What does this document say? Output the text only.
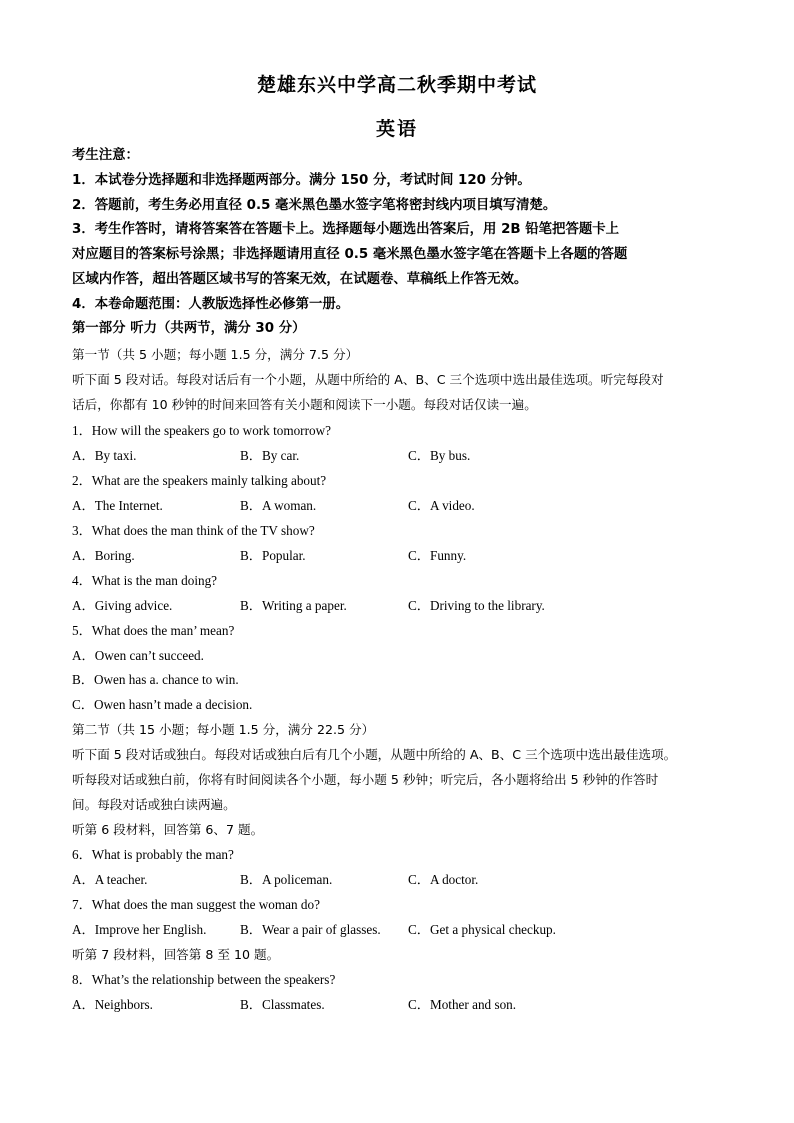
楚雄东兴中学高二秋季期中考试
英语
考生注意：
1．本试卷分选择题和非选择题两部分。满分 150 分，考试时间 120 分钟。
2．答题前，考生务必用直径 0.5 毫米黑色墨水签字笔将密封线内项目填写清楚。
3．考生作答时，请将答案答在答题卡上。选择题每小题选出答案后，用 2B 铅笔把答题卡上
对应题目的答案标号涂黑；非选择题请用直径 0.5 毫米黑色墨水签字笔在答题卡上各题的答题
区域内作答，超出答题区域书写的答案无效，在试题卷、草稿纸上作答无效。
4．本卷命题范围：人教版选择性必修第一册。
第一部分 听力（共两节，满分 30 分）
第一节（共 5 小题；每小题 1.5 分，满分 7.5 分）
听下面 5 段对话。每段对话后有一个小题，从题中所给的 A、B、C 三个选项中选出最佳选项。听完每段对
话后，你都有 10 秒钟的时间来回答有关小题和阅读下一小题。每段对话仅读一遍。
1．How will the speakers go to work tomorrow?
A．By taxi.	B．By car.	C．By bus.
2．What are the speakers mainly talking about?
A．The Internet.	B．A woman.	C．A video.
3．What does the man think of the TV show?
A．Boring.	B．Popular.	C．Funny.
4．What is the man doing?
A．Giving advice.	B．Writing a paper.	C．Driving to the library.
5．What does the man’ mean?
A．Owen can’t succeed.
B．Owen has a. chance to win.
C．Owen hasn’t made a decision.
第二节（共 15 小题；每小题 1.5 分，满分 22.5 分）
听下面 5 段对话或独白。每段对话或独白后有几个小题，从题中所给的 A、B、C 三个选项中选出最佳选项。
听每段对话或独白前，你将有时间阅读各个小题，每小题 5 秒钟；听完后，各小题将给出 5 秒钟的作答时
间。每段对话或独白读两遍。
听第 6 段材料，回答第 6、7 题。
6．What is probably the man?
A．A teacher.	B．A policeman.	C．A doctor.
7．What does the man suggest the woman do?
A．Improve her English.	B．Wear a pair of glasses. C．Get a physical checkup.
听第 7 段材料，回答第 8 至 10 题。
8．What’s the relationship between the speakers?
A．Neighbors.	B．Classmates.	C．Mother and son.
